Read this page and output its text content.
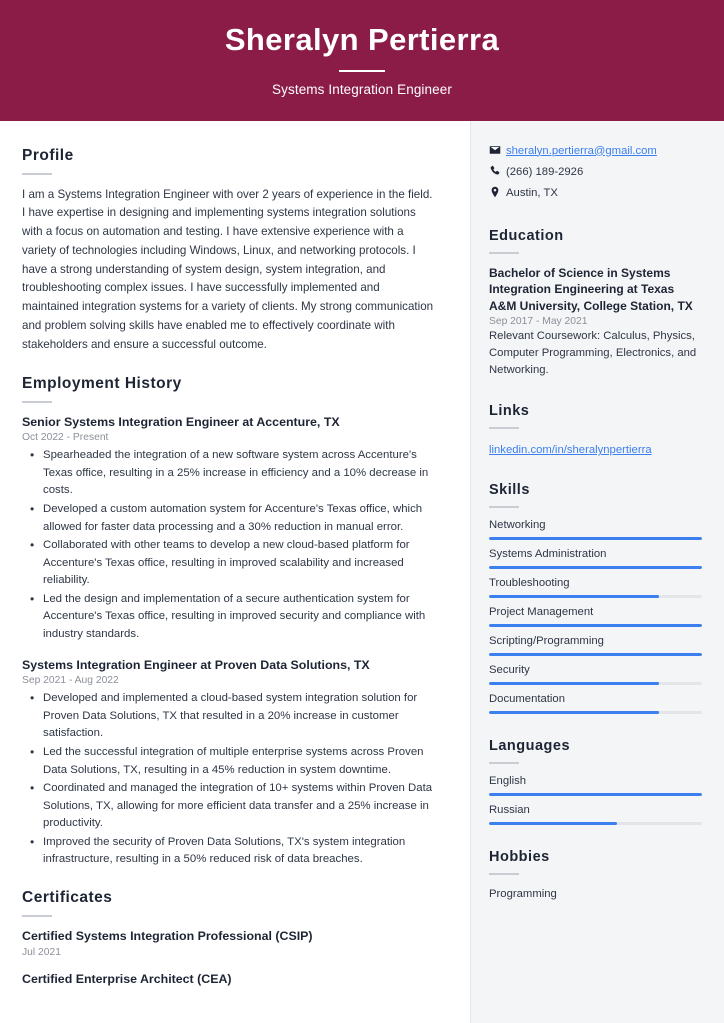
Sheralyn Pertierra
Systems Integration Engineer
Profile
I am a Systems Integration Engineer with over 2 years of experience in the field. I have expertise in designing and implementing systems integration solutions with a focus on automation and testing. I have extensive experience with a variety of technologies including Windows, Linux, and networking protocols. I have a strong understanding of system design, system integration, and troubleshooting complex issues. I have successfully implemented and maintained integration systems for a variety of clients. My strong communication and problem solving skills have enabled me to effectively coordinate with stakeholders and ensure a successful outcome.
Employment History
Senior Systems Integration Engineer at Accenture, TX
Oct 2022 - Present
• Spearheaded the integration of a new software system across Accenture's Texas office, resulting in a 25% increase in efficiency and a 10% decrease in costs.
• Developed a custom automation system for Accenture's Texas office, which allowed for faster data processing and a 30% reduction in manual error.
• Collaborated with other teams to develop a new cloud-based platform for Accenture's Texas office, resulting in improved scalability and increased reliability.
• Led the design and implementation of a secure authentication system for Accenture's Texas office, resulting in improved security and compliance with industry standards.
Systems Integration Engineer at Proven Data Solutions, TX
Sep 2021 - Aug 2022
• Developed and implemented a cloud-based system integration solution for Proven Data Solutions, TX that resulted in a 20% increase in customer satisfaction.
• Led the successful integration of multiple enterprise systems across Proven Data Solutions, TX, resulting in a 45% reduction in system downtime.
• Coordinated and managed the integration of 10+ systems within Proven Data Solutions, TX, allowing for more efficient data transfer and a 25% increase in productivity.
• Improved the security of Proven Data Solutions, TX's system integration infrastructure, resulting in a 50% reduced risk of data breaches.
Certificates
Certified Systems Integration Professional (CSIP)
Jul 2021
Certified Enterprise Architect (CEA)
sheralyn.pertierra@gmail.com
(266) 189-2926
Austin, TX
Education
Bachelor of Science in Systems Integration Engineering at Texas A&M University, College Station, TX
Sep 2017 - May 2021
Relevant Coursework: Calculus, Physics, Computer Programming, Electronics, and Networking.
Links
linkedin.com/in/sheralynpertierra
Skills
Networking
Systems Administration
Troubleshooting
Project Management
Scripting/Programming
Security
Documentation
Languages
English
Russian
Hobbies
Programming
